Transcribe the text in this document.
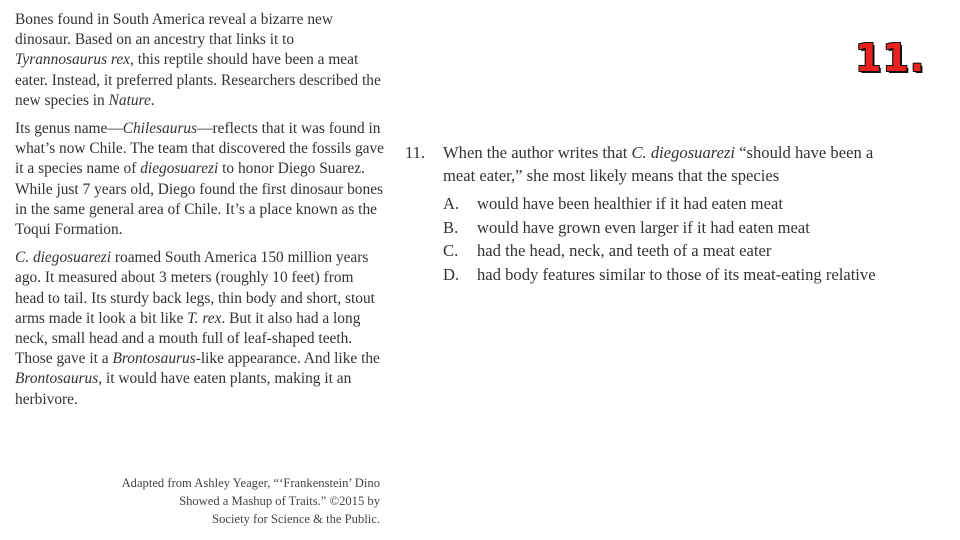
Bones found in South America reveal a bizarre new dinosaur. Based on an ancestry that links it to Tyrannosaurus rex, this reptile should have been a meat eater. Instead, it preferred plants. Researchers described the new species in Nature.

Its genus name—Chilesaurus—reflects that it was found in what’s now Chile. The team that discovered the fossils gave it a species name of diegosuarezi to honor Diego Suarez. While just 7 years old, Diego found the first dinosaur bones in the same general area of Chile. It’s a place known as the Toqui Formation.

C. diegosuarezi roamed South America 150 million years ago. It measured about 3 meters (roughly 10 feet) from head to tail. Its sturdy back legs, thin body and short, stout arms made it look a bit like T. rex. But it also had a long neck, small head and a mouth full of leaf-shaped teeth. Those gave it a Brontosaurus-like appearance. And like the Brontosaurus, it would have eaten plants, making it an herbivore.

Adapted from Ashley Yeager, “‘Frankenstein’ Dino
Showed a Mashup of Traits.” ©2015 by
Society for Science & the Public.
11.
11.	When the author writes that C. diegosuarezi “should have been a meat eater,” she most likely means that the species
A.	would have been healthier if it had eaten meat
B.	would have grown even larger if it had eaten meat
C.	had the head, neck, and teeth of a meat eater
D.	had body features similar to those of its meat-eating relative
